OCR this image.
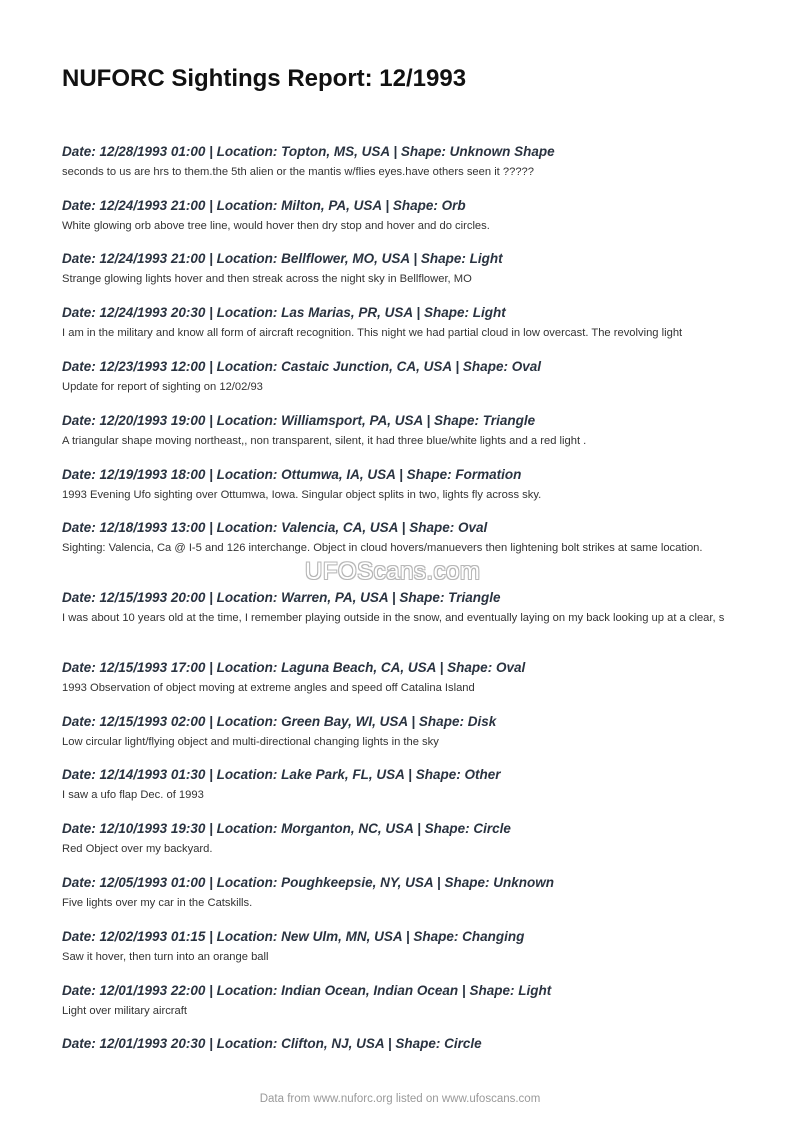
NUFORC Sightings Report: 12/1993
Date: 12/28/1993 01:00 | Location: Topton, MS, USA | Shape: Unknown Shape
seconds to us are hrs to them.the 5th alien or the mantis w/flies eyes.have others seen it ?????
Date: 12/24/1993 21:00 | Location: Milton, PA, USA | Shape: Orb
White glowing orb above tree line, would hover then dry stop and hover and do circles.
Date: 12/24/1993 21:00 | Location: Bellflower, MO, USA | Shape: Light
Strange glowing lights hover and then streak across the night sky in Bellflower, MO
Date: 12/24/1993 20:30 | Location: Las Marias, PR, USA | Shape: Light
I am in the military and know all form of aircraft recognition. This night we had partial cloud in low overcast. The revolving light
Date: 12/23/1993 12:00 | Location: Castaic Junction, CA, USA | Shape: Oval
Update for report of sighting on 12/02/93
Date: 12/20/1993 19:00 | Location: Williamsport, PA, USA | Shape: Triangle
A triangular shape moving northeast,, non transparent, silent, it had three blue/white lights and a red light .
Date: 12/19/1993 18:00 | Location: Ottumwa, IA, USA | Shape: Formation
1993 Evening Ufo sighting over Ottumwa, Iowa. Singular object splits in two, lights fly across sky.
Date: 12/18/1993 13:00 | Location: Valencia, CA, USA | Shape: Oval
Sighting: Valencia, Ca @ I-5 and 126 interchange. Object in cloud hovers/manuevers then lightening bolt strikes at same location.
Date: 12/15/1993 20:00 | Location: Warren, PA, USA | Shape: Triangle
I was about 10 years old at the time, I remember playing outside in the snow, and eventually laying on my back looking up at a clear, s
Date: 12/15/1993 17:00 | Location: Laguna Beach, CA, USA | Shape: Oval
1993 Observation of object moving at extreme angles and speed off Catalina Island
Date: 12/15/1993 02:00 | Location: Green Bay, WI, USA | Shape: Disk
Low circular light/flying object and multi-directional changing lights in the sky
Date: 12/14/1993 01:30 | Location: Lake Park, FL, USA | Shape: Other
I saw a ufo flap Dec. of 1993
Date: 12/10/1993 19:30 | Location: Morganton, NC, USA | Shape: Circle
Red Object over my backyard.
Date: 12/05/1993 01:00 | Location: Poughkeepsie, NY, USA | Shape: Unknown
Five lights over my car in the Catskills.
Date: 12/02/1993 01:15 | Location: New Ulm, MN, USA | Shape: Changing
Saw it hover, then turn into an orange ball
Date: 12/01/1993 22:00 | Location: Indian Ocean, Indian Ocean | Shape: Light
Light over military aircraft
Date: 12/01/1993 20:30 | Location: Clifton, NJ, USA | Shape: Circle
UFOScans.com
Data from www.nuforc.org listed on www.ufoscans.com
